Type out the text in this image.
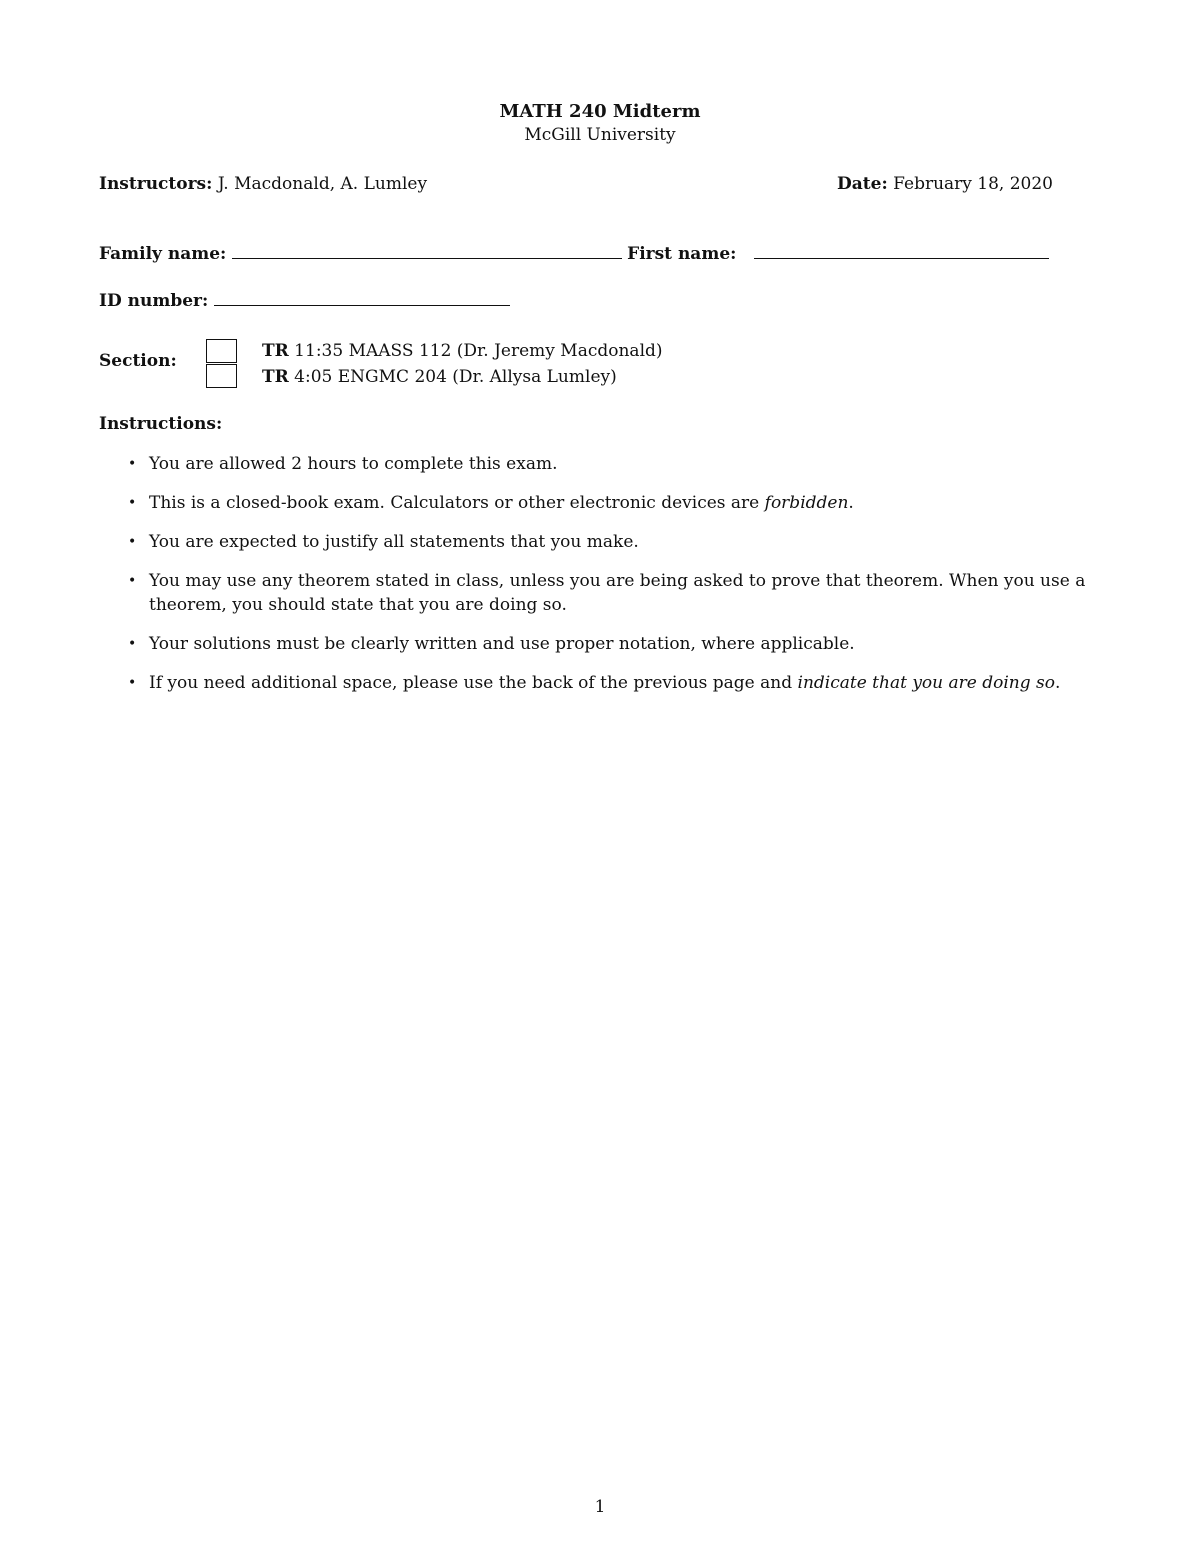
MATH 240 Midterm
McGill University
Instructors: J. Macdonald, A. Lumley	Date: February 18, 2020
Family name:	First name:
ID number:
Section:	TR 11:35 MAASS 112 (Dr. Jeremy Macdonald)
TR 4:05 ENGMC 204 (Dr. Allysa Lumley)
Instructions:
• You are allowed 2 hours to complete this exam.
• This is a closed-book exam. Calculators or other electronic devices are forbidden.
• You are expected to justify all statements that you make.
• You may use any theorem stated in class, unless you are being asked to prove that theorem. When you use a theorem, you should state that you are doing so.
• Your solutions must be clearly written and use proper notation, where applicable.
• If you need additional space, please use the back of the previous page and indicate that you are doing so.
1
